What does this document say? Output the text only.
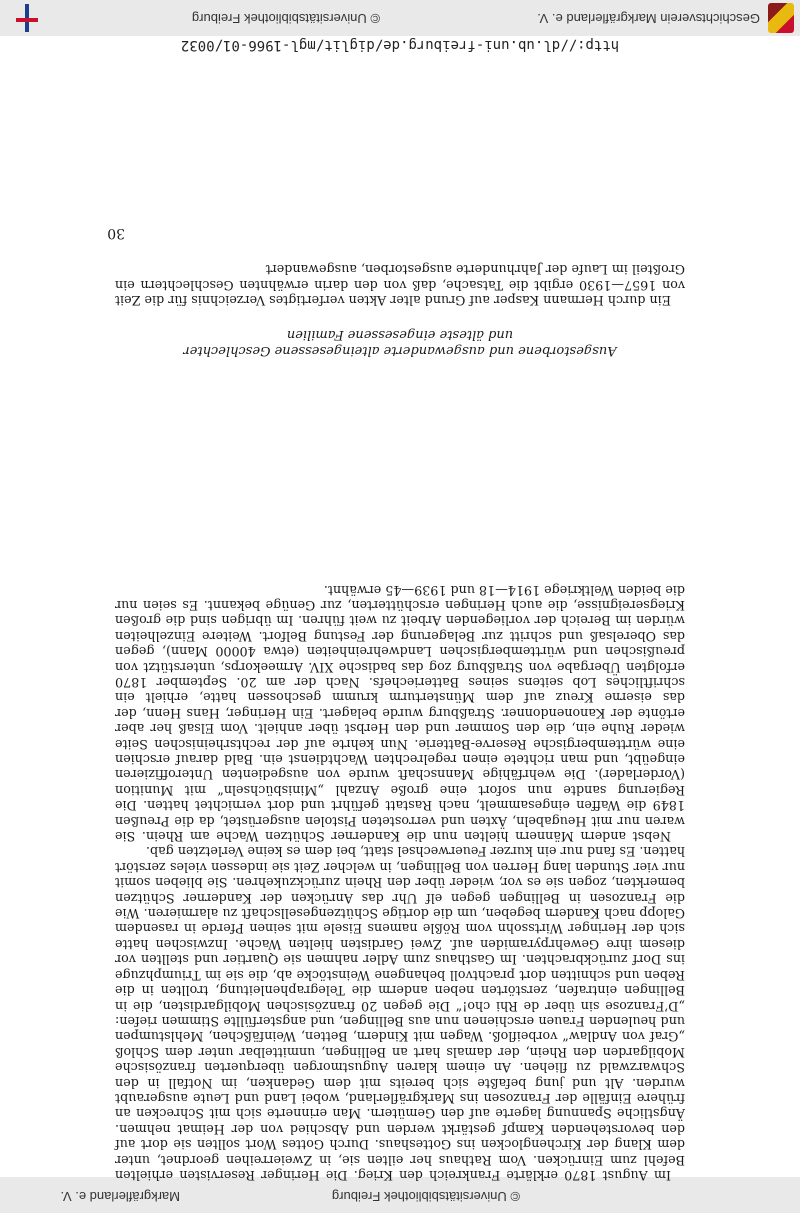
© Universitätsbibliothek Freiburg
Markgräflerland e. V.

Im August 1870 erklärte Frankreich den Krieg. Die Heringer Reservisten erhielten Befehl zum Einrücken. Vom Rathaus her eilten sie, in Zweierreihen geordnet, unter dem Klang der Kirchenglocken ins Gotteshaus. Durch Gottes Wort sollten sie dort auf den bevorstehenden Kampf gestärkt werden und Abschied von der Heimat nehmen. Ängstliche Spannung lagerte auf den Gemütern. Man erinnerte sich mit Schrecken an frühere Einfälle der Franzosen ins Markgräflerland, wobei Land und Leute ausgeraubt wurden. Alt und jung befaßte sich bereits mit dem Gedanken, im Notfall in den Schwarzwald zu fliehen. An einem klaren Augustmorgen überquerten französische Mobilgarden den Rhein, der damals hart an Bellingen, unmittelbar unter dem Schloß „Graf von Andlaw“ vorbeifloß. Wagen mit Kindern, Betten, Weinfäßchen, Mehlstumpen und heulenden Frauen erschienen nun aus Bellingen, und angsterfüllte Stimmen riefen: „D’Franzose sin über de Rhi cho!“ Die gegen 20 französischen Mobilgardisten, die in Bellingen eintrafen, zerstörten neben anderm die Telegraphenleitung, trollten in die Reben und schnitten dort prachtvoll behangene Weinstöcke ab, die sie im Triumphzuge ins Dorf zurückbrachten. Im Gasthaus zum Adler nahmen sie Quartier und stellten vor diesem ihre Gewehrpyramiden auf. Zwei Gardisten hielten Wache. Inzwischen hatte sich der Heringer Wirtssohn vom Rößle namens Eisele mit seinen Pferde in rasendem Galopp nach Kandern begeben, um die dortige Schützengesellschaft zu alarmieren. Wie die Franzosen in Bellingen gegen elf Uhr das Anrücken der Kanderner Schützen bemerkten, zogen sie es vor, wieder über den Rhein zurückzukehren. Sie blieben somit nur vier Stunden lang Herren von Bellingen, in welcher Zeit sie indessen vieles zerstört hatten. Es fand nur ein kurzer Feuerwechsel statt, bei dem es keine Verletzten gab.

Nebst andern Männern hielten nun die Kanderner Schützen Wache am Rhein. Sie waren nur mit Heugabeln, Äxten und verrosteten Pistolen ausgerüstet, da die Preußen 1849 die Waffen eingesammelt, nach Rastatt geführt und dort vernichtet hatten. Die Regierung sandte nun sofort eine große Anzahl „Minisbüchseln“ mit Munition (Vorderlader). Die wehrfähige Mannschaft wurde von ausgedienten Unteroffizieren eingeübt, und man richtete einen regelrechten Wachtdienst ein. Bald darauf erschien eine württembergische Reserve-Batterie. Nun kehrte auf der rechtsrheinischen Seite wieder Ruhe ein, die den Sommer und den Herbst über anhielt. Vom Elsaß her aber ertönte der Kanonendonner. Straßburg wurde belagert. Ein Heringer, Hans Henn, der das eiserne Kreuz auf dem Münsterturm krumm geschossen hatte, erhielt ein schriftliches Lob seitens seines Batteriechefs. Nach der am 20. September 1870 erfolgten Übergabe von Straßburg zog das badische XIV. Armeekorps, unterstützt von preußischen und württembergischen Landwehreinheiten (etwa 40000 Mann), gegen das Oberelsaß und schritt zur Belagerung der Festung Belfort. Weitere Einzelheiten würden im Bereich der vorliegenden Arbeit zu weit führen. Im übrigen sind die großen Kriegsereignisse, die auch Heringen erschütterten, zur Genüge bekannt. Es seien nur die beiden Weltkriege 1914—18 und 1939—45 erwähnt.

Ausgestorbene und ausgewanderte alteingesessene Geschlechter
und älteste eingesessene Familien

Ein durch Hermann Kasper auf Grund alter Akten verfertigtes Verzeichnis für die Zeit von 1657—1930 ergibt die Tatsache, daß von den darin erwähnten Geschlechtern ein Großteil im Laufe der Jahrhunderte ausgestorben, ausgewandert

30
http://dl.ub.uni-freiburg.de/diglit/mgl-1966-01/0032
Geschichtsverein Markgräflerland e. V.
© Universitätsbibliothek Freiburg
